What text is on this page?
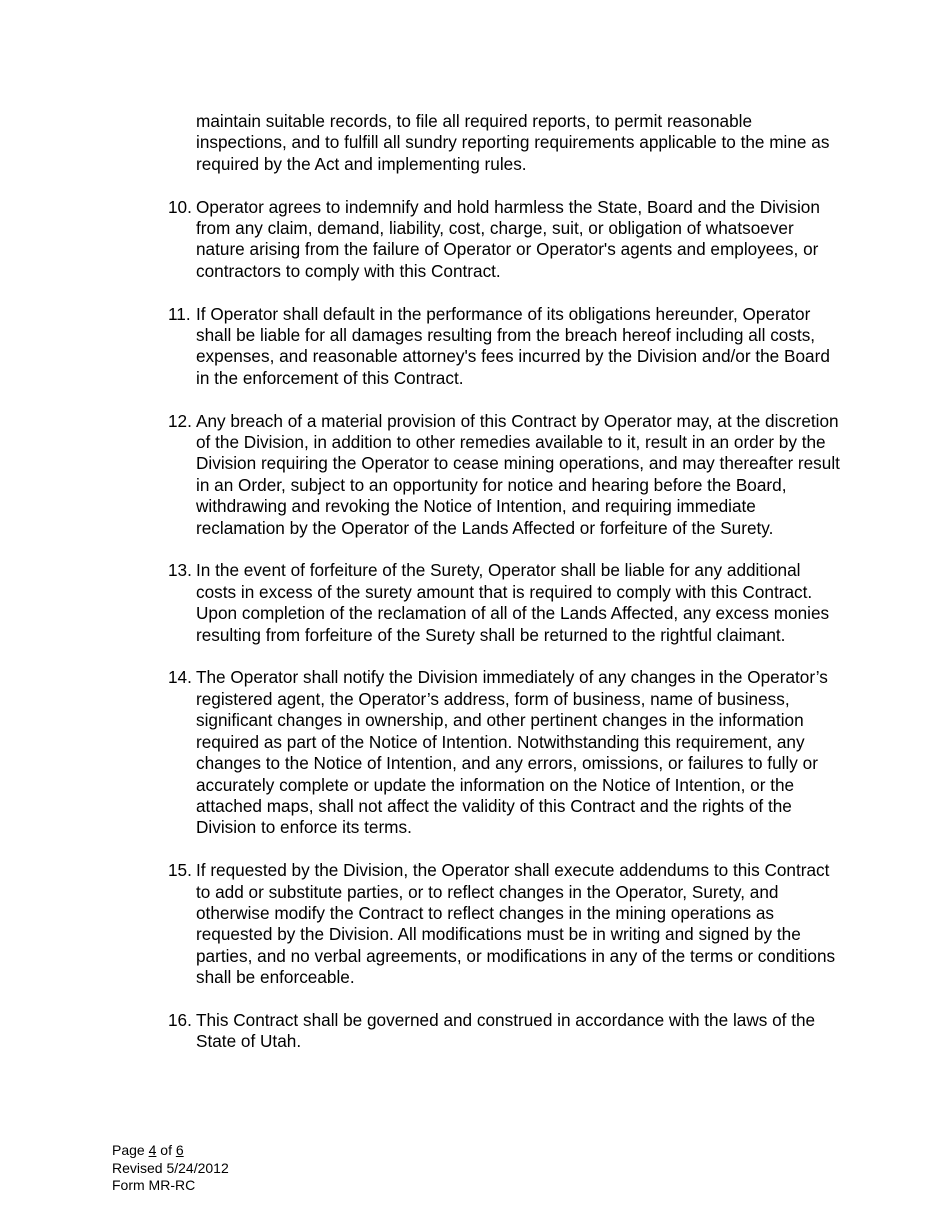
maintain suitable records, to file all required reports, to permit reasonable inspections, and to fulfill all sundry reporting requirements applicable to the mine as required by the Act and implementing rules.

10. Operator agrees to indemnify and hold harmless the State, Board and the Division from any claim, demand, liability, cost, charge, suit, or obligation of whatsoever nature arising from the failure of Operator or Operator's agents and employees, or contractors to comply with this Contract.
11. If Operator shall default in the performance of its obligations hereunder, Operator shall be liable for all damages resulting from the breach hereof including all costs, expenses, and reasonable attorney's fees incurred by the Division and/or the Board in the enforcement of this Contract.
12. Any breach of a material provision of this Contract by Operator may, at the discretion of the Division, in addition to other remedies available to it, result in an order by the Division requiring the Operator to cease mining operations, and may thereafter result in an Order, subject to an opportunity for notice and hearing before the Board, withdrawing and revoking the Notice of Intention, and requiring immediate reclamation by the Operator of the Lands Affected or forfeiture of the Surety.
13. In the event of forfeiture of the Surety, Operator shall be liable for any additional costs in excess of the surety amount that is required to comply with this Contract.  Upon completion of the reclamation of all of the Lands Affected, any excess monies resulting from forfeiture of the Surety shall be returned to the rightful claimant.
14. The Operator shall notify the Division immediately of any changes in the Operator’s registered agent, the Operator’s address, form of business, name of business, significant changes in ownership, and other pertinent changes in the information required as part of the Notice of Intention. Notwithstanding this requirement, any changes to the Notice of Intention, and any errors, omissions, or failures to fully or accurately complete or update the information on the Notice of Intention, or the attached maps, shall not affect the validity of this Contract and the rights of the Division to enforce its terms.
15. If requested by the Division, the Operator shall execute addendums to this Contract to add or substitute parties, or to reflect changes in the Operator, Surety, and otherwise modify the Contract to reflect changes in the mining operations as requested by the Division. All modifications must be in writing and signed by the parties, and no verbal agreements, or modifications in any of the terms or conditions shall be enforceable.
16. This Contract shall be governed and construed in accordance with the laws of the State of Utah.
Page 4 of 6
Revised 5/24/2012
Form MR-RC
